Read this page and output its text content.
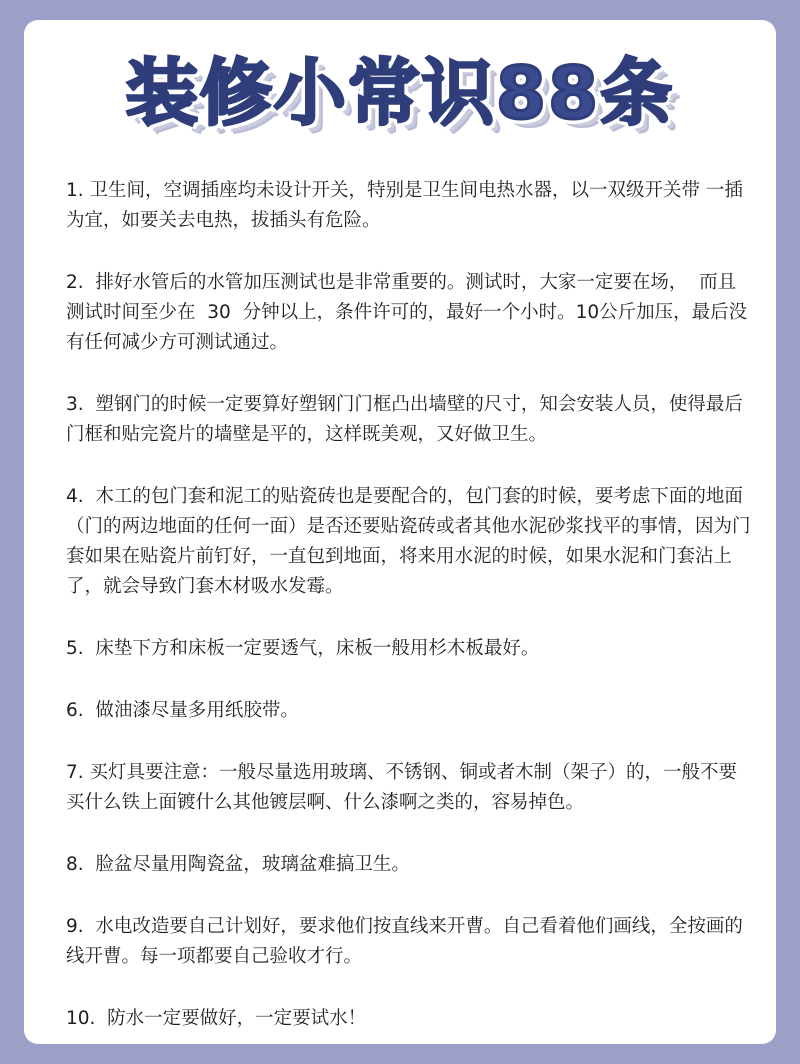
装修小常识88条
1. 卫生间，空调插座均未设计开关，特别是卫生间电热水器，以一双级开关带 一插为宜，如要关去电热，拔插头有危险。
2.  排好水管后的水管加压测试也是非常重要的。测试时，大家一定要在场，  而且测试时间至少在  30  分钟以上，条件许可的，最好一个小时。10公斤加压，最后没有任何减少方可测试通过。
3.  塑钢门的时候一定要算好塑钢门门框凸出墙壁的尺寸，知会安装人员，使得最后门框和贴完瓷片的墙壁是平的，这样既美观，又好做卫生。
4.  木工的包门套和泥工的贴瓷砖也是要配合的，包门套的时候，要考虑下面的地面（门的两边地面的任何一面）是否还要贴瓷砖或者其他水泥砂浆找平的事情，因为门套如果在贴瓷片前钉好，一直包到地面，将来用水泥的时候，如果水泥和门套沾上了，就会导致门套木材吸水发霉。
5.  床垫下方和床板一定要透气，床板一般用杉木板最好。
6.  做油漆尽量多用纸胶带。
7. 买灯具要注意：一般尽量选用玻璃、不锈钢、铜或者木制（架子）的，一般不要买什么铁上面镀什么其他镀层啊、什么漆啊之类的，容易掉色。
8.  脸盆尽量用陶瓷盆，玻璃盆难搞卫生。
9.  水电改造要自己计划好，要求他们按直线来开曹。自己看着他们画线，全按画的线开曹。每一项都要自己验收才行。
10.  防水一定要做好，一定要试水！
